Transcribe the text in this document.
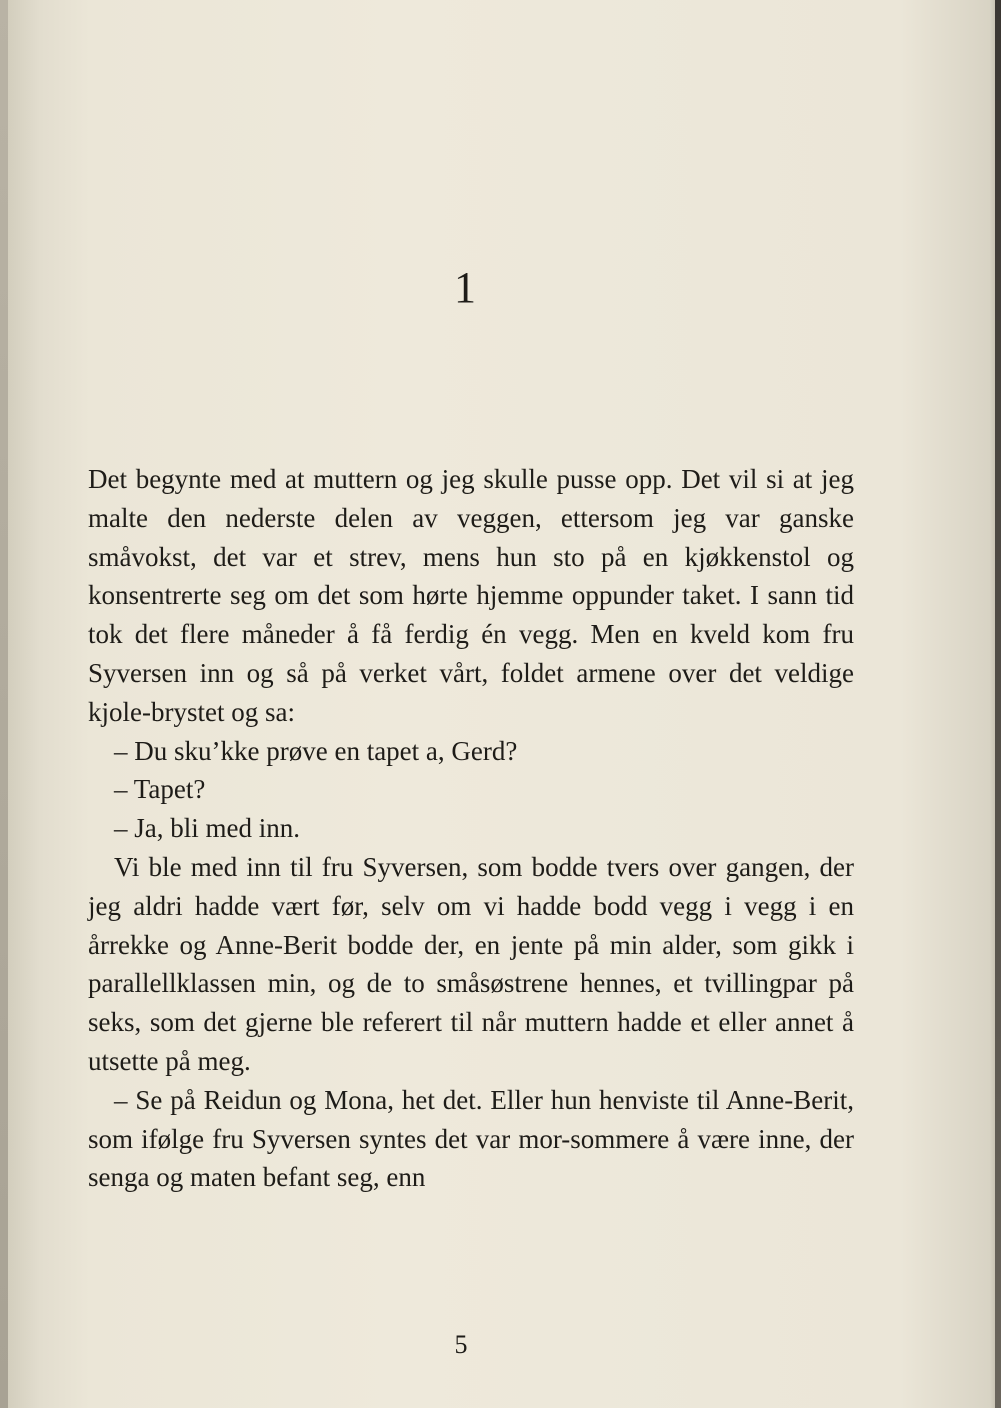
1

Det begynte med at muttern og jeg skulle pusse opp. Det vil si at jeg malte den nederste delen av veggen, ettersom jeg var ganske småvokst, det var et strev, mens hun sto på en kjøkkenstol og konsentrerte seg om det som hørte hjemme oppunder taket. I sann tid tok det flere måneder å få ferdig én vegg. Men en kveld kom fru Syversen inn og så på verket vårt, foldet armene over det veldige kjole-brystet og sa:

– Du sku’kke prøve en tapet a, Gerd?

– Tapet?

– Ja, bli med inn.

Vi ble med inn til fru Syversen, som bodde tvers over gangen, der jeg aldri hadde vært før, selv om vi hadde bodd vegg i vegg i en årrekke og Anne-Berit bodde der, en jente på min alder, som gikk i parallellklassen min, og de to småsøstrene hennes, et tvillingpar på seks, som det gjerne ble referert til når muttern hadde et eller annet å utsette på meg.

– Se på Reidun og Mona, het det. Eller hun henviste til Anne-Berit, som ifølge fru Syversen syntes det var mor-sommere å være inne, der senga og maten befant seg, enn

5
